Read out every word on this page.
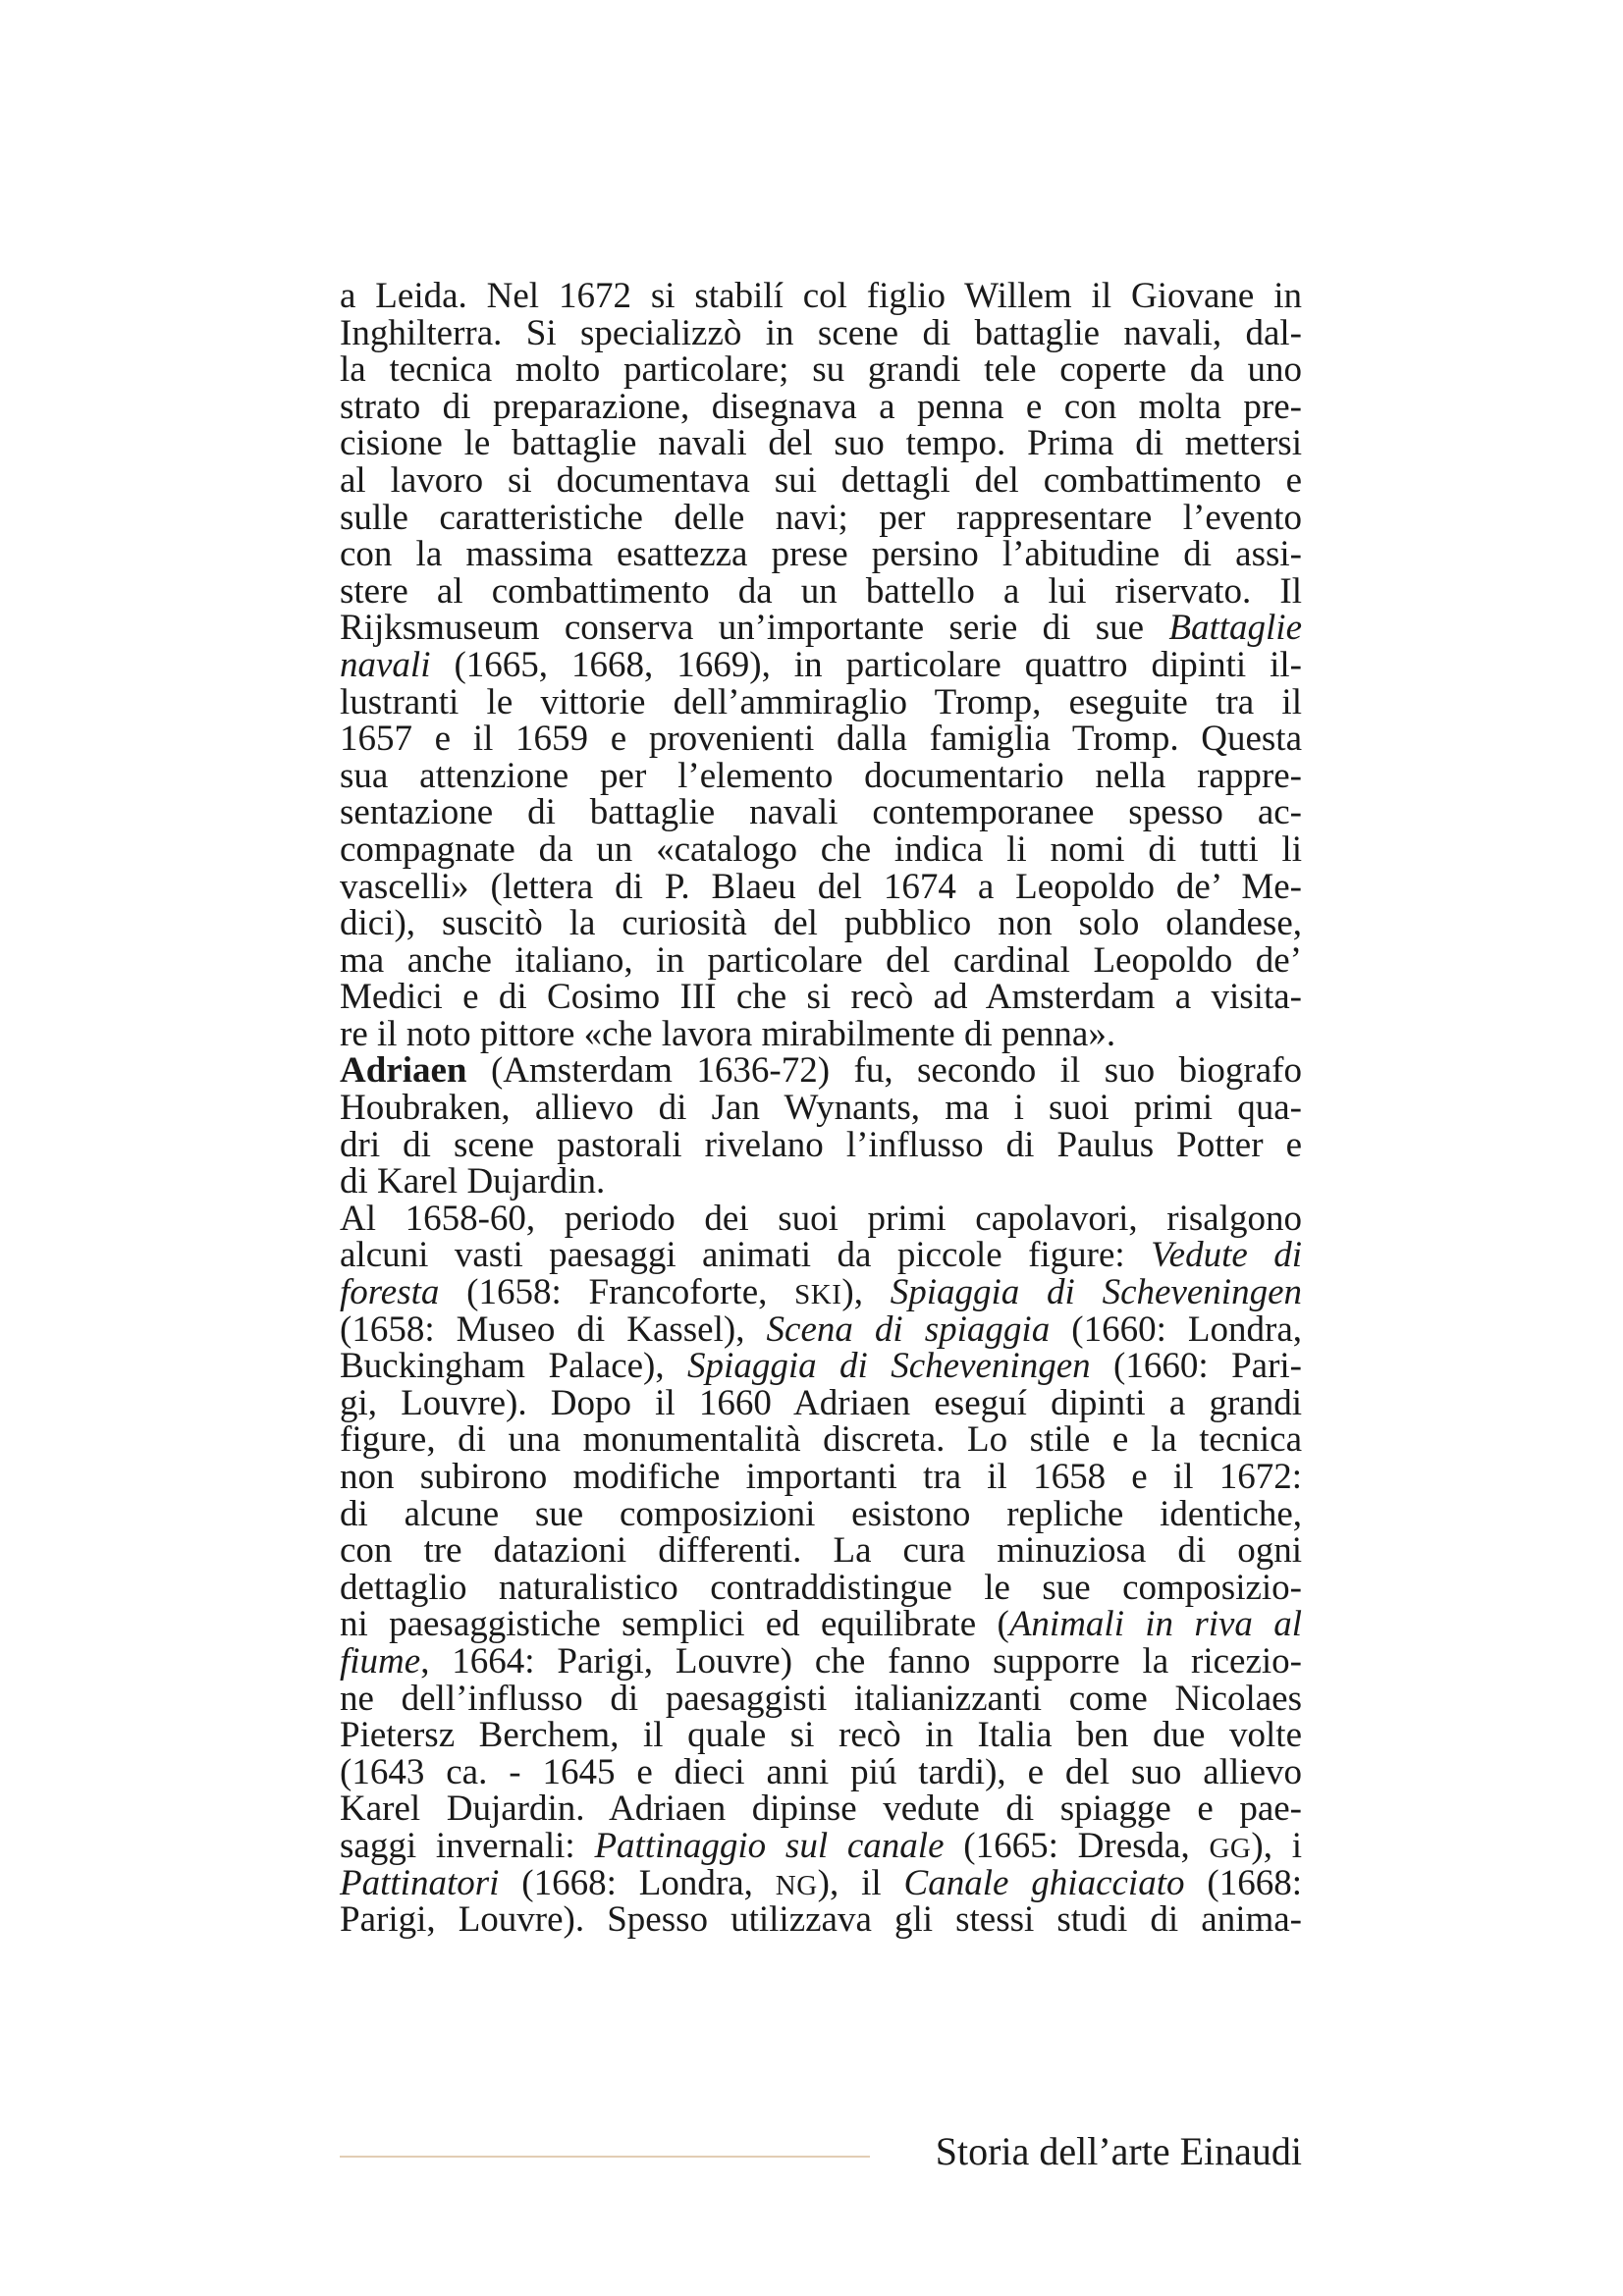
a Leida. Nel 1672 si stabilí col figlio Willem il Giovane in
Inghilterra. Si specializzò in scene di battaglie navali, dal-
la tecnica molto particolare; su grandi tele coperte da uno
strato di preparazione, disegnava a penna e con molta pre-
cisione le battaglie navali del suo tempo. Prima di mettersi
al lavoro si documentava sui dettagli del combattimento e
sulle caratteristiche delle navi; per rappresentare l’evento
con la massima esattezza prese persino l’abitudine di assi-
stere al combattimento da un battello a lui riservato. Il
Rijksmuseum conserva un’importante serie di sue Battaglie
navali (1665, 1668, 1669), in particolare quattro dipinti il-
lustranti le vittorie dell’ammiraglio Tromp, eseguite tra il
1657 e il 1659 e provenienti dalla famiglia Tromp. Questa
sua attenzione per l’elemento documentario nella rappre-
sentazione di battaglie navali contemporanee spesso ac-
compagnate da un «catalogo che indica li nomi di tutti li
vascelli» (lettera di P. Blaeu del 1674 a Leopoldo de’ Me-
dici), suscitò la curiosità del pubblico non solo olandese,
ma anche italiano, in particolare del cardinal Leopoldo de’
Medici e di Cosimo III che si recò ad Amsterdam a visita-
re il noto pittore «che lavora mirabilmente di penna».
Adriaen (Amsterdam 1636-72) fu, secondo il suo biografo
Houbraken, allievo di Jan Wynants, ma i suoi primi qua-
dri di scene pastorali rivelano l’influsso di Paulus Potter e
di Karel Dujardin.
Al 1658-60, periodo dei suoi primi capolavori, risalgono
alcuni vasti paesaggi animati da piccole figure: Vedute di
foresta (1658: Francoforte, SKI), Spiaggia di Scheveningen
(1658: Museo di Kassel), Scena di spiaggia (1660: Londra,
Buckingham Palace), Spiaggia di Scheveningen (1660: Pari-
gi, Louvre). Dopo il 1660 Adriaen eseguí dipinti a grandi
figure, di una monumentalità discreta. Lo stile e la tecnica
non subirono modifiche importanti tra il 1658 e il 1672:
di alcune sue composizioni esistono repliche identiche,
con tre datazioni differenti. La cura minuziosa di ogni
dettaglio naturalistico contraddistingue le sue composizio-
ni paesaggistiche semplici ed equilibrate (Animali in riva al
fiume, 1664: Parigi, Louvre) che fanno supporre la ricezio-
ne dell’influsso di paesaggisti italianizzanti come Nicolaes
Pietersz Berchem, il quale si recò in Italia ben due volte
(1643 ca. - 1645 e dieci anni piú tardi), e del suo allievo
Karel Dujardin. Adriaen dipinse vedute di spiagge e pae-
saggi invernali: Pattinaggio sul canale (1665: Dresda, GG), i
Pattinatori (1668: Londra, NG), il Canale ghiacciato (1668:
Parigi, Louvre). Spesso utilizzava gli stessi studi di anima-
Storia dell’arte Einaudi
